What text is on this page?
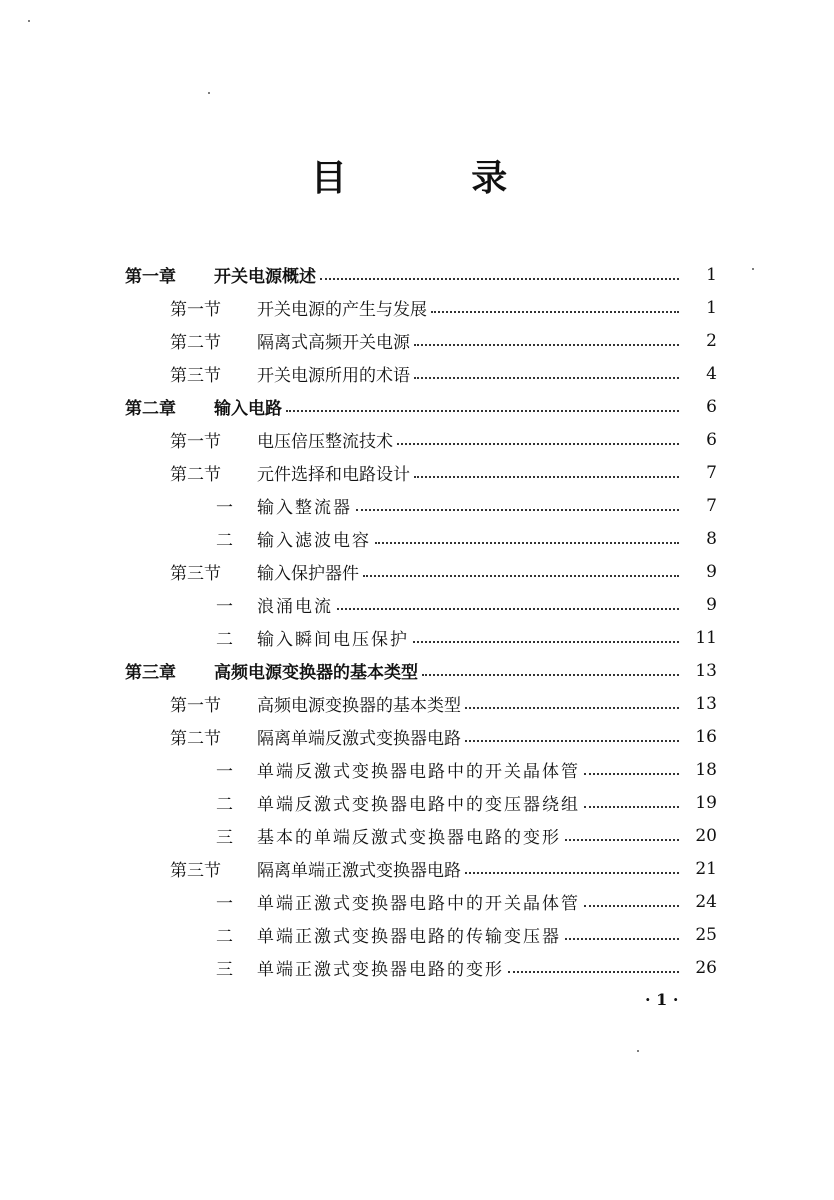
目 录
第一章	开关电源概述	1
第一节	开关电源的产生与发展	1
第二节	隔离式高频开关电源	2
第三节	开关电源所用的术语	4
第二章	输入电路	6
第一节	电压倍压整流技术	6
第二节	元件选择和电路设计	7
一	输入整流器	7
二	输入滤波电容	8
第三节	输入保护器件	9
一	浪涌电流	9
二	输入瞬间电压保护	11
第三章	高频电源变换器的基本类型	13
第一节	高频电源变换器的基本类型	13
第二节	隔离单端反激式变换器电路	16
一	单端反激式变换器电路中的开关晶体管	18
二	单端反激式变换器电路中的变压器绕组	19
三	基本的单端反激式变换器电路的变形	20
第三节	隔离单端正激式变换器电路	21
一	单端正激式变换器电路中的开关晶体管	24
二	单端正激式变换器电路的传输变压器	25
三	单端正激式变换器电路的变形	26
· 1 ·
